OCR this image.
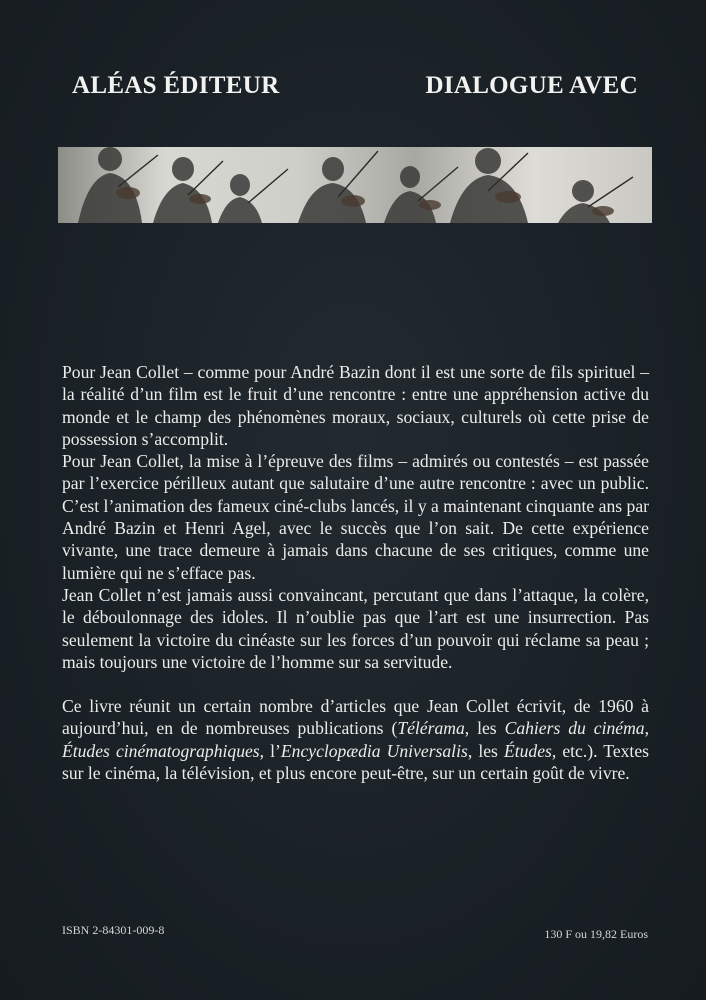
ALÉAS ÉDITEUR	DIALOGUE AVEC

Pour Jean Collet – comme pour André Bazin dont il est une sorte de fils spirituel – la réalité d’un film est le fruit d’une rencontre : entre une appréhension active du monde et le champ des phénomènes moraux, sociaux, culturels où cette prise de possession s’accomplit.

Pour Jean Collet, la mise à l’épreuve des films – admirés ou contestés – est passée par l’exercice périlleux autant que salutaire d’une autre rencontre : avec un public. C’est l’animation des fameux ciné-clubs lancés, il y a maintenant cinquante ans par André Bazin et Henri Agel, avec le succès que l’on sait. De cette expérience vivante, une trace demeure à jamais dans chacune de ses critiques, comme une lumière qui ne s’efface pas.

Jean Collet n’est jamais aussi convaincant, percutant que dans l’attaque, la colère, le déboulonnage des idoles. Il n’oublie pas que l’art est une insurrection. Pas seulement la victoire du cinéaste sur les forces d’un pouvoir qui réclame sa peau ; mais toujours une victoire de l’homme sur sa servitude.

Ce livre réunit un certain nombre d’articles que Jean Collet écrivit, de 1960 à aujourd’hui, en de nombreuses publications (Télérama, les Cahiers du cinéma, Études cinématographiques, l’Encyclopædia Universalis, les Études, etc.). Textes sur le cinéma, la télévision, et plus encore peut-être, sur un certain goût de vivre.

ISBN 2-84301-009-8	130 F ou 19,82 Euros
